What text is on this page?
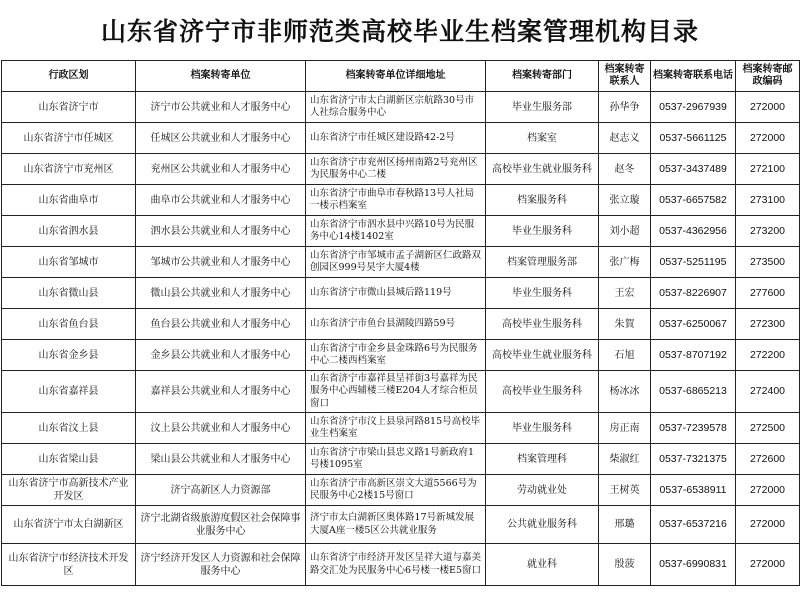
山东省济宁市非师范类高校毕业生档案管理机构目录
行政区划	档案转寄单位	档案转寄单位详细地址	档案转寄部门	档案转寄联系人	档案转寄联系电话	档案转寄邮政编码
山东省济宁市	济宁市公共就业和人才服务中心	山东省济宁市太白湖新区宗航路30号市人社综合服务中心	毕业生服务部	孙华争	0537-2967939	272000
山东省济宁市任城区	任城区公共就业和人才服务中心	山东省济宁市任城区建设路42-2号	档案室	赵志义	0537-5661125	272000
山东省济宁市兖州区	兖州区公共就业和人才服务中心	山东省济宁市兖州区扬州南路2号兖州区为民服务中心二楼	高校毕业生就业服务科	赵冬	0537-3437489	272100
山东省曲阜市	曲阜市公共就业和人才服务中心	山东省济宁市曲阜市春秋路13号人社局一楼示档案室	档案服务科	张立璇	0537-6657582	273100
山东省泗水县	泗水县公共就业和人才服务中心	山东省济宁市泗水县中兴路10号为民服务中心14楼1402室	毕业生服务科	刘小超	0537-4362956	273200
山东省邹城市	邹城市公共就业和人才服务中心	山东省济宁市邹城市孟子湖新区仁政路双创园区999号昊宇大厦4楼	档案管理服务部	张广梅	0537-5251195	273500
山东省微山县	微山县公共就业和人才服务中心	山东省济宁市微山县城后路119号	毕业生服务科	王宏	0537-8226907	277600
山东省鱼台县	鱼台县公共就业和人才服务中心	山东省济宁市鱼台县湖陵四路59号	高校毕业生服务科	朱賀	0537-6250067	272300
山东省金乡县	金乡县公共就业和人才服务中心	山东省济宁市金乡县金珠路6号为民服务中心二楼西档案室	高校毕业生就业服务科	石旭	0537-8707192	272200
山东省嘉祥县	嘉祥县公共就业和人才服务中心	山东省济宁市嘉祥县呈祥街3号嘉祥为民服务中心西辅楼三楼E204人才综合柜员窗口	高校毕业生服务科	杨冰冰	0537-6865213	272400
山东省汶上县	汶上县公共就业和人才服务中心	山东省济宁市汶上县泉河路815号高校毕业生档案室	毕业生服务科	房正南	0537-7239578	272500
山东省梁山县	梁山县公共就业和人才服务中心	山东省济宁市梁山县忠义路1号新政府1号楼1095室	档案管理科	柴淑红	0537-7321375	272600
山东省济宁市高新技术产业开发区	济宁高新区人力资源部	山东省济宁市高新区崇文大道5566号为民服务中心2楼15号窗口	劳动就业处	王树英	0537-6538911	272000
山东省济宁市太白湖新区	济宁北湖省级旅游度假区社会保障事业服务中心	济宁市太白湖新区奥体路17号新城发展大厦A座一楼5区公共就业服务	公共就业服务科	邢璐	0537-6537216	272000
山东省济宁市经济技术开发区	济宁经济开发区人力资源和社会保障服务中心	山东省济宁市经济开发区呈祥大道与嘉美路交汇处为民服务中心6号楼一楼E5窗口	就业科	殷菠	0537-6990831	272000
